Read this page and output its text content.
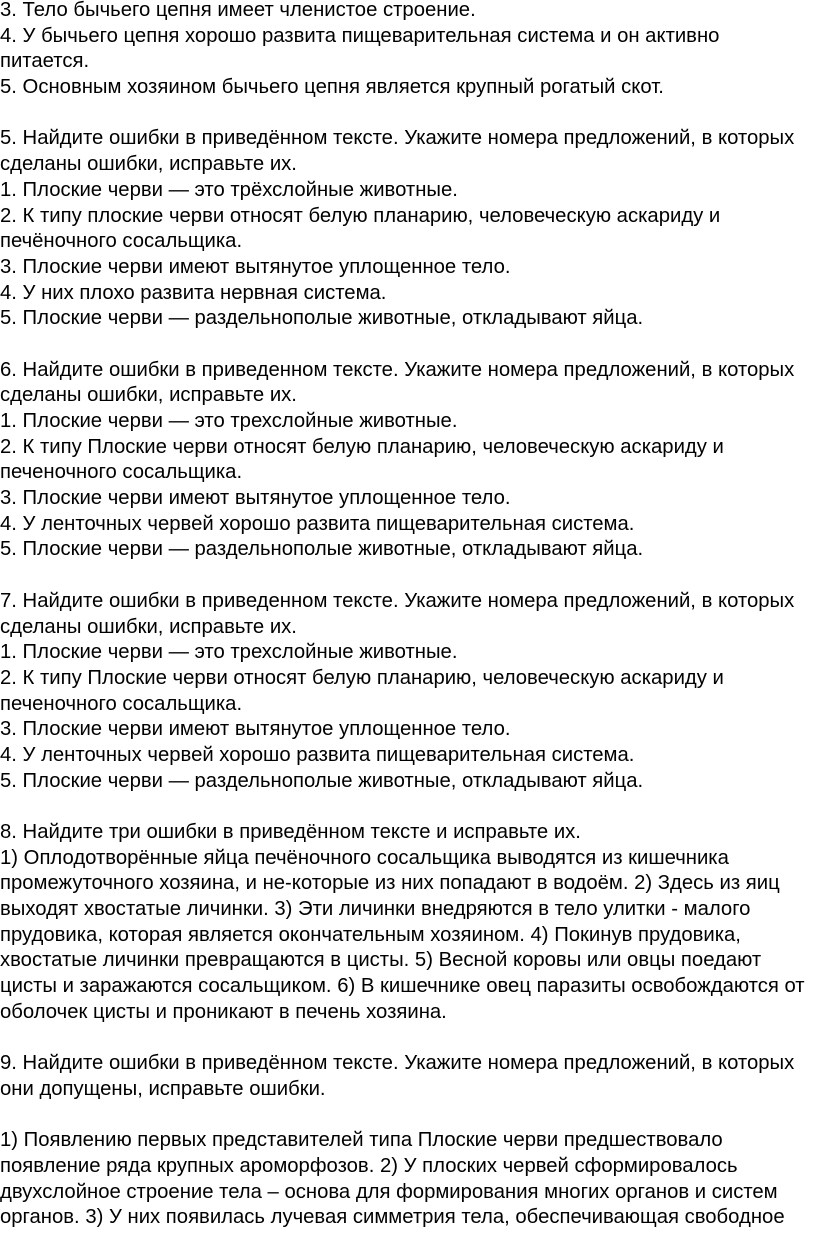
3. Тело бычьего цепня имеет членистое строение.
4. У бычьего цепня хорошо развита пищеварительная система и он активно
питается.
5. Основным хозяином бычьего цепня является крупный рогатый скот.
5. Найдите ошибки в приведённом тексте. Укажите номера предложений, в которых
сделаны ошибки, исправьте их.
1. Плоские черви — это трёхслойные животные.
2. К типу плоские черви относят белую планарию, человеческую аскариду и
печёночного сосальщика.
3. Плоские черви имеют вытянутое уплощенное тело.
4. У них плохо развита нервная система.
5. Плоские черви — раздельнополые животные, откладывают яйца.
6. Найдите ошибки в приведенном тексте. Укажите номера предложений, в которых
сделаны ошибки, исправьте их.
1. Плоские черви — это трехслойные животные.
2. К типу Плоские черви относят белую планарию, человеческую аскариду и
печеночного сосальщика.
3. Плоские черви имеют вытянутое уплощенное тело.
4. У ленточных червей хорошо развита пищеварительная система.
5. Плоские черви — раздельнополые животные, откладывают яйца.
7. Найдите ошибки в приведенном тексте. Укажите номера предложений, в которых
сделаны ошибки, исправьте их.
1. Плоские черви — это трехслойные животные.
2. К типу Плоские черви относят белую планарию, человеческую аскариду и
печеночного сосальщика.
3. Плоские черви имеют вытянутое уплощенное тело.
4. У ленточных червей хорошо развита пищеварительная система.
5. Плоские черви — раздельнополые животные, откладывают яйца.
8. Найдите три ошибки в приведённом тексте и исправьте их.
1) Оплодотворённые яйца печёночного сосальщика выводятся из кишечника
промежуточного хозяина, и не-которые из них попадают в водоём. 2) Здесь из яиц
выходят хвостатые личинки. 3) Эти личинки внедряются в тело улитки - малого
прудовика, которая является окончательным хозяином. 4) Покинув прудовика,
хвостатые личинки превращаются в цисты. 5) Весной коровы или овцы поедают
цисты и заражаются сосальщиком. 6) В кишечнике овец паразиты освобождаются от
оболочек цисты и проникают в печень хозяина.
9. Найдите ошибки в приведённом тексте. Укажите номера предложений, в которых
они допущены, исправьте ошибки.
1) Появлению первых представителей типа Плоские черви предшествовало
появление ряда крупных ароморфозов. 2) У плоских червей сформировалось
двухслойное строение тела – основа для формирования многих органов и систем
органов. 3) У них появилась лучевая симметрия тела, обеспечивающая свободное
